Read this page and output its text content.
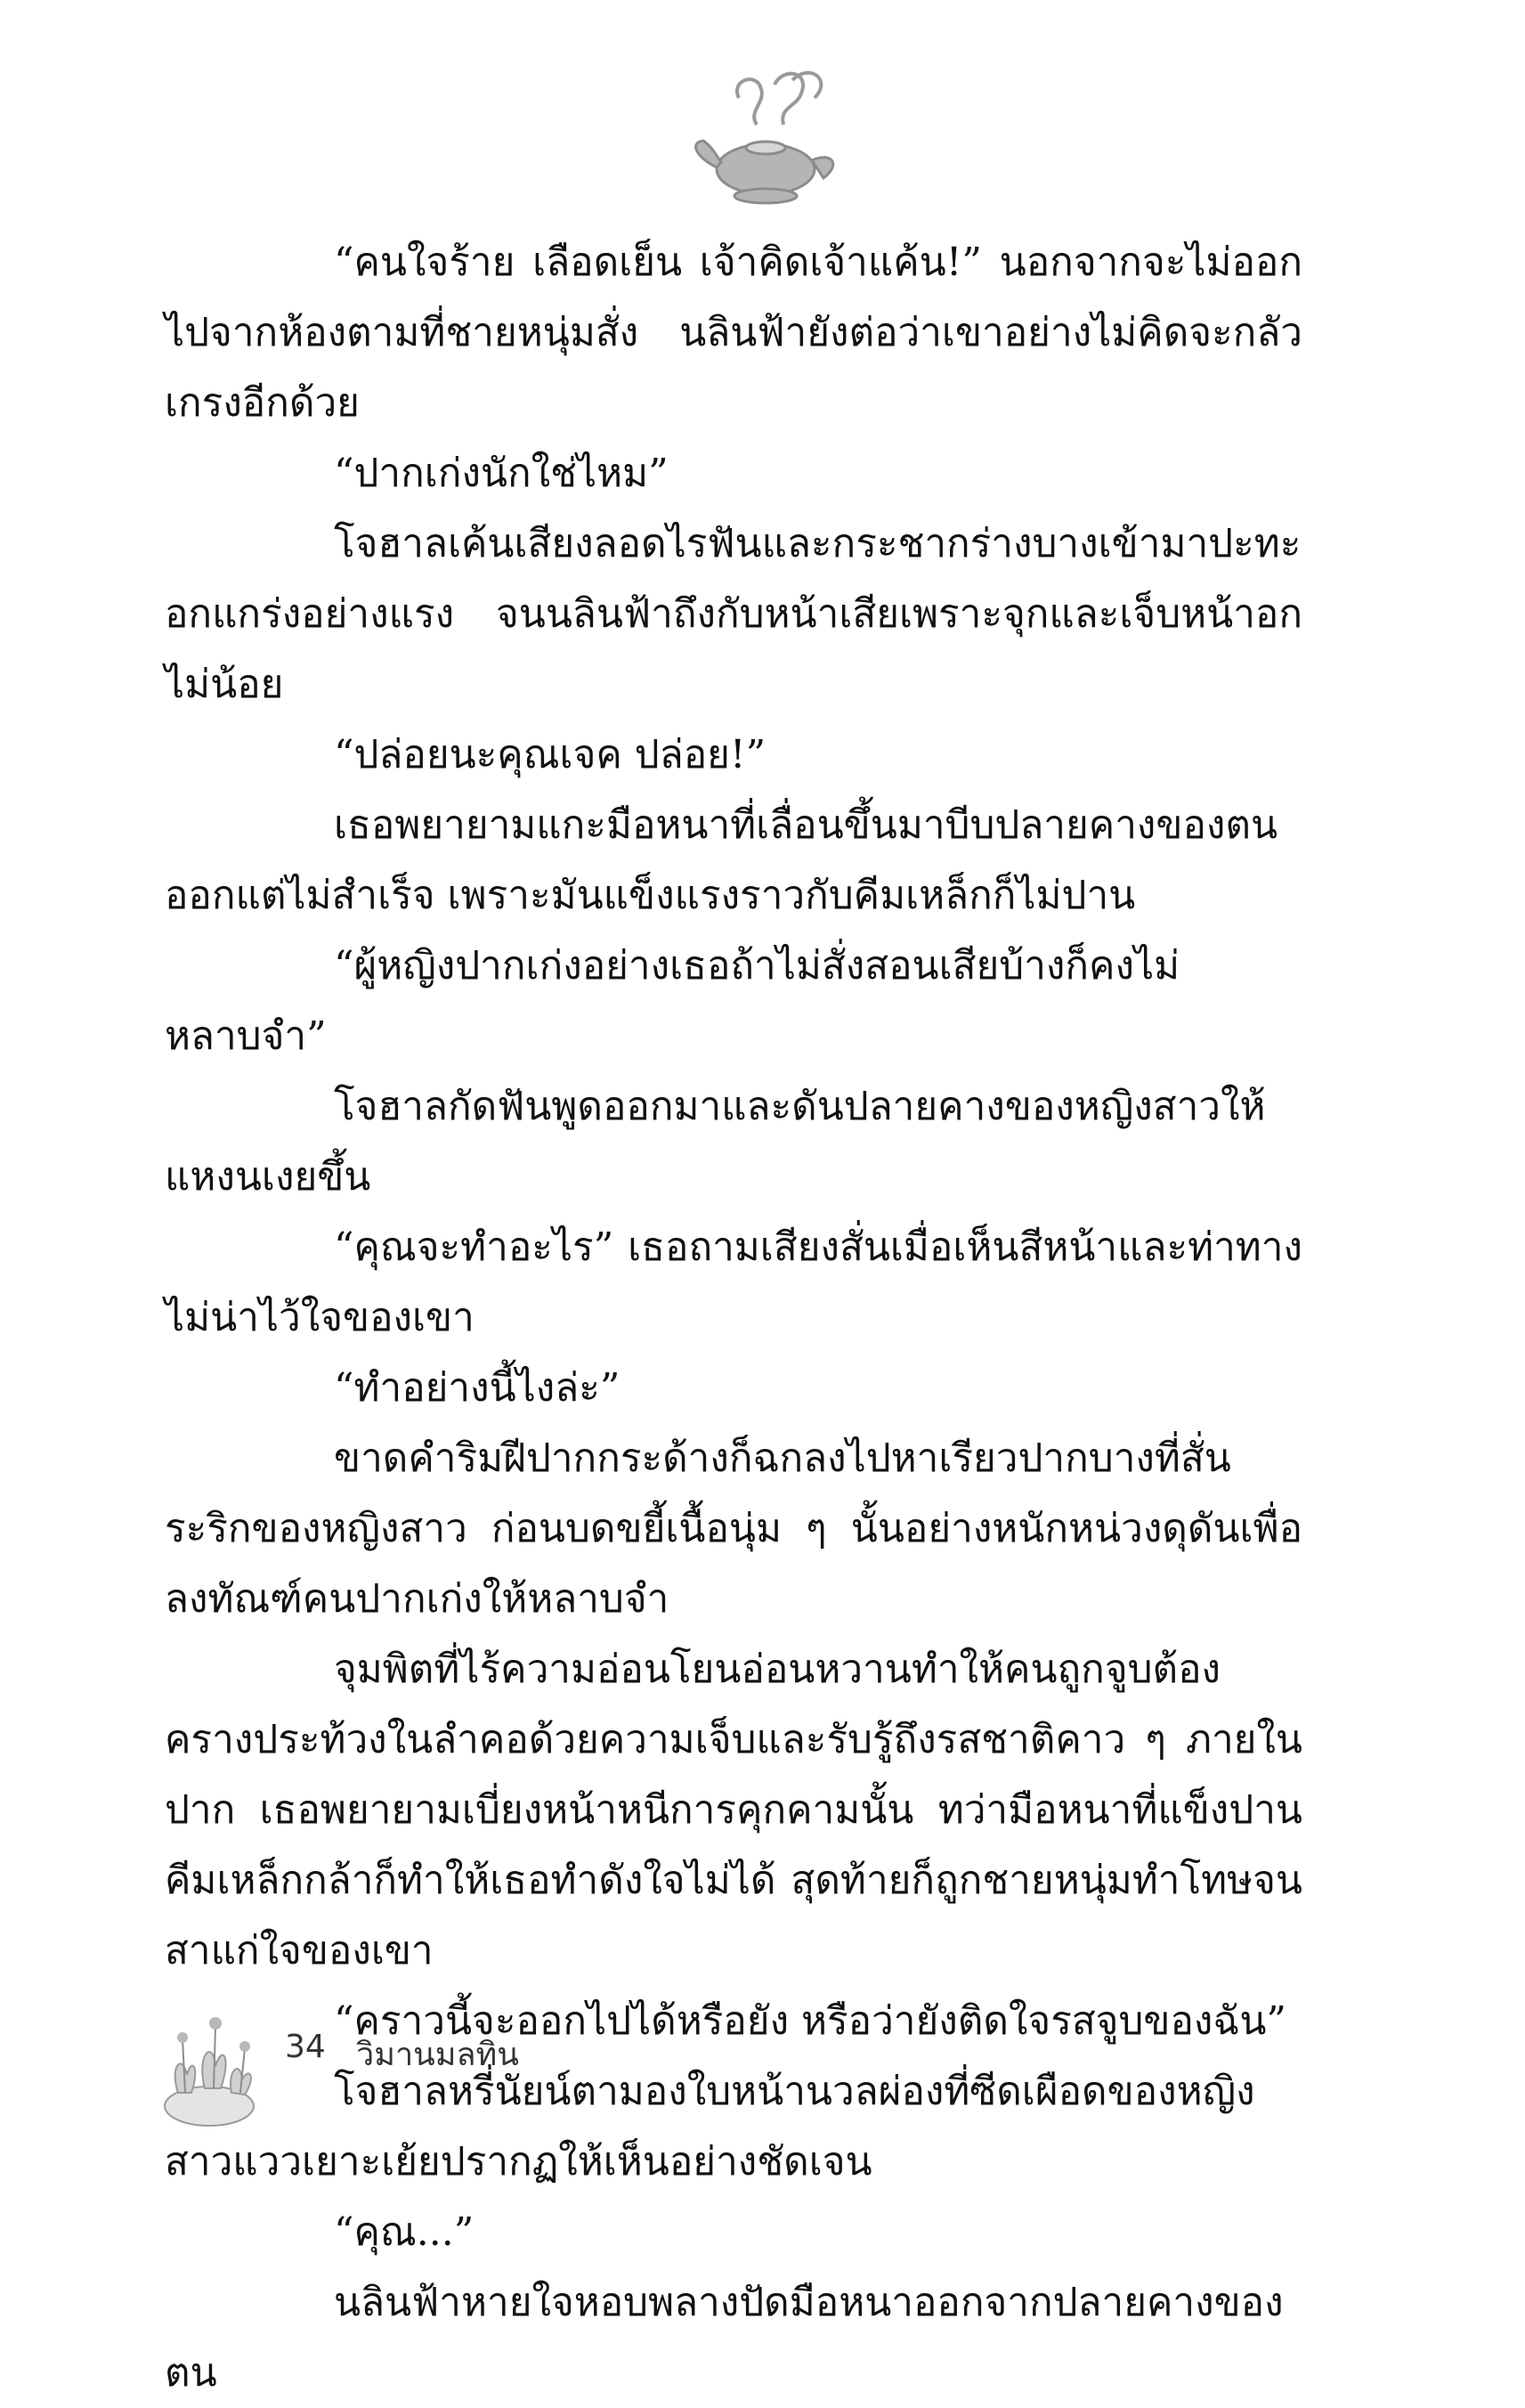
“คนใจร้าย เลือดเย็น เจ้าคิดเจ้าแค้น!” นอกจากจะไม่ออกไปจากห้องตามที่ชายหนุ่มสั่ง นลินฟ้ายังต่อว่าเขาอย่างไม่คิดจะกลัวเกรงอีกด้วย

“ปากเก่งนักใช่ไหม”

โจฮาลเค้นเสียงลอดไรฟันและกระชากร่างบางเข้ามาปะทะอกแกร่งอย่างแรง จนนลินฟ้าถึงกับหน้าเสียเพราะจุกและเจ็บหน้าอกไม่น้อย

“ปล่อยนะคุณเจค ปล่อย!”

เธอพยายามแกะมือหนาที่เลื่อนขึ้นมาบีบปลายคางของตนออกแต่ไม่สำเร็จ เพราะมันแข็งแรงราวกับคีมเหล็กก็ไม่ปาน

“ผู้หญิงปากเก่งอย่างเธอถ้าไม่สั่งสอนเสียบ้างก็คงไม่หลาบจำ”

โจฮาลกัดฟันพูดออกมาและดันปลายคางของหญิงสาวให้แหงนเงยขึ้น

“คุณจะทำอะไร” เธอถามเสียงสั่นเมื่อเห็นสีหน้าและท่าทางไม่น่าไว้ใจของเขา

“ทำอย่างนี้ไงล่ะ”

ขาดคำริมฝีปากกระด้างก็ฉกลงไปหาเรียวปากบางที่สั่นระริกของหญิงสาว ก่อนบดขยี้เนื้อนุ่ม ๆ นั้นอย่างหนักหน่วงดุดันเพื่อลงทัณฑ์คนปากเก่งให้หลาบจำ

จุมพิตที่ไร้ความอ่อนโยนอ่อนหวานทำให้คนถูกจูบต้องครางประท้วงในลำคอด้วยความเจ็บและรับรู้ถึงรสชาติคาว ๆ ภายในปาก เธอพยายามเบี่ยงหน้าหนีการคุกคามนั้น ทว่ามือหนาที่แข็งปานคีมเหล็กกล้าก็ทำให้เธอทำดังใจไม่ได้ สุดท้ายก็ถูกชายหนุ่มทำโทษจนสาแก่ใจของเขา

“คราวนี้จะออกไปได้หรือยัง หรือว่ายังติดใจรสจูบของฉัน”

โจฮาลหรี่นัยน์ตามองใบหน้านวลผ่องที่ซีดเผือดของหญิงสาวแววเยาะเย้ยปรากฏให้เห็นอย่างชัดเจน

“คุณ...”

นลินฟ้าหายใจหอบพลางปัดมือหนาออกจากปลายคางของตน

34 วิมานมลทิน
